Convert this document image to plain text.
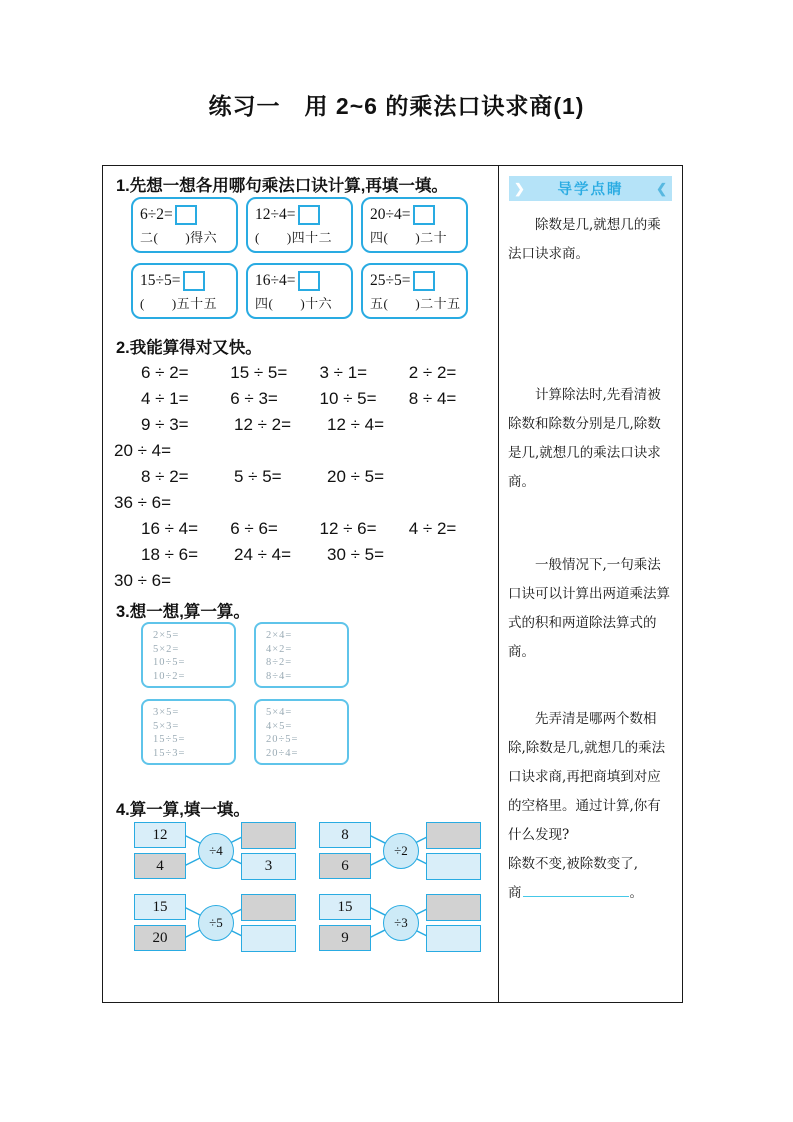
练习一　用 2~6 的乘法口诀求商(1)
1.先想一想各用哪句乘法口诀计算,再填一填。
6÷2=
二(　　)得六
12÷4=
(　　)四十二
20÷4=
四(　　)二十
15÷5=
(　　)五十五
16÷4=
四(　　)十六
25÷5=
五(　　)二十五
2.我能算得对又快。
6 ÷ 2=	15 ÷ 5=	3 ÷ 1=	2 ÷ 2=
4 ÷ 1=	6 ÷ 3=	10 ÷ 5=	8 ÷ 4=
9 ÷ 3=	12 ÷ 2=	12 ÷ 4=
20 ÷ 4=
8 ÷ 2=	5 ÷ 5=	20 ÷ 5=
36 ÷ 6=
16 ÷ 4=	6 ÷ 6=	12 ÷ 6=	4 ÷ 2=
18 ÷ 6=	24 ÷ 4=	30 ÷ 5=
30 ÷ 6=
3.想一想,算一算。
2×5=
5×2=
10÷5=
10÷2=
2×4=
4×2=
8÷2=
8÷4=
3×5=
5×3=
15÷5=
15÷3=
5×4=
4×5=
20÷5=
20÷4=
4.算一算,填一填。
12
4
÷4
3
8
6
÷2
15
20
÷5
15
9
÷3
❯ 导学点睛	❮
除数是几,就想几的乘法口诀求商。
计算除法时,先看清被除数和除数分别是几,除数是几,就想几的乘法口诀求商。
一般情况下,一句乘法口诀可以计算出两道乘法算式的积和两道除法算式的商。
先弄清是哪两个数相除,除数是几,就想几的乘法口诀求商,再把商填到对应的空格里。通过计算,你有什么发现?
除数不变,被除数变了,
商	。
